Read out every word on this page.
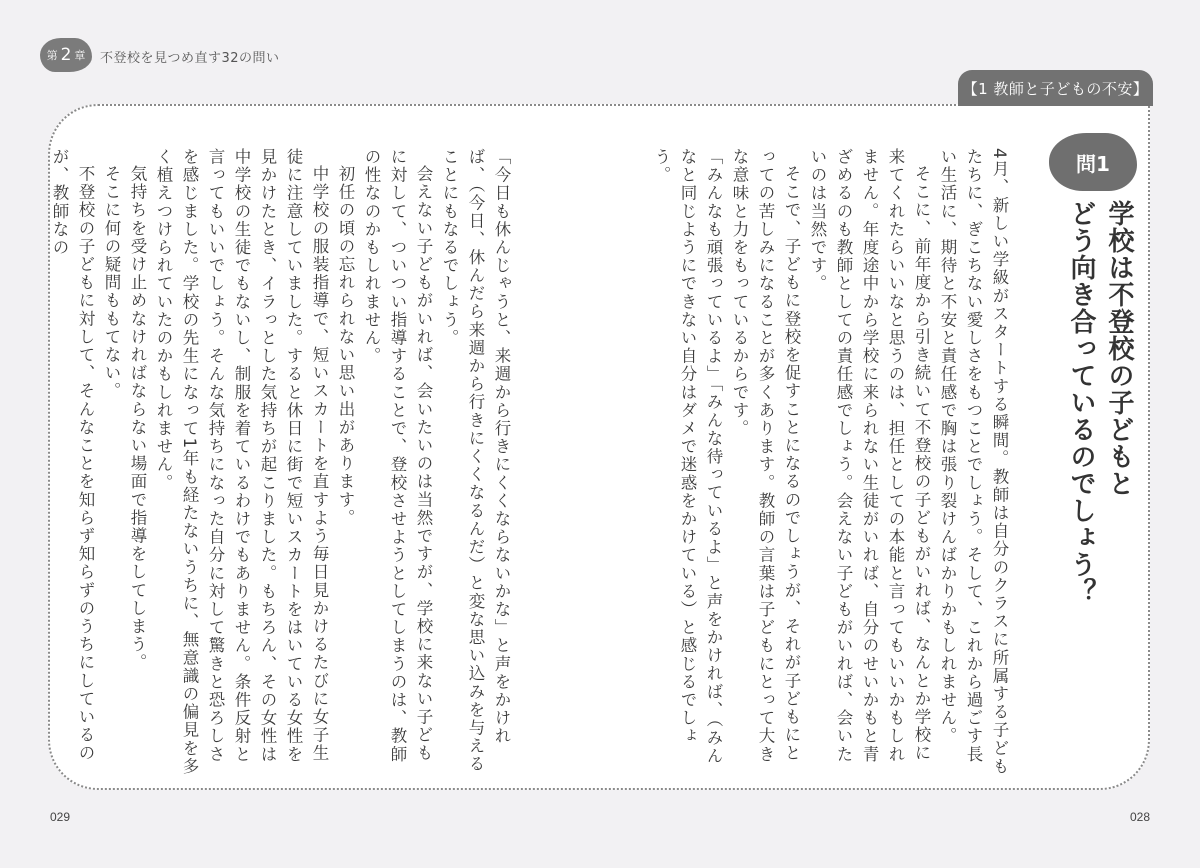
第 2 章 不登校を見つめ直す32の問い
【1 教師と子どもの不安】
問1
学校は不登校の子どもと
どう向き合っているのでしょう？

4月、新しい学級がスタートする瞬間。教師は自分のクラスに所属する子どもたちに、ぎこちない愛しさをもつことでしょう。そして、これから過ごす長い生活に、期待と不安と責任感で胸は張り裂けんばかりかもしれません。

そこに、前年度から引き続いて不登校の子どもがいれば、なんとか学校に来てくれたらいいなと思うのは、担任としての本能と言ってもいいかもしれません。年度途中から学校に来られない生徒がいれば、自分のせいかもと青ざめるのも教師としての責任感でしょう。会えない子どもがいれば、会いたいのは当然です。

そこで、子どもに登校を促すことになるのでしょうが、それが子どもにとっての苦しみになることが多くあります。教師の言葉は子どもにとって大きな意味と力をもっているからです。

「みんなも頑張っているよ」「みんな待っているよ」と声をかければ、（みんなと同じようにできない自分はダメで迷惑をかけている）と感じるでしょう。

「今日も休んじゃうと、来週から行きにくくならないかな」と声をかければ、（今日、休んだら来週から行きにくくなるんだ）と変な思い込みを与えることにもなるでしょう。

会えない子どもがいれば、会いたいのは当然ですが、学校に来ない子どもに対して、ついつい指導することで、登校させようとしてしまうのは、教師の性なのかもしれません。

初任の頃の忘れられない思い出があります。

中学校の服装指導で、短いスカートを直すよう毎日見かけるたびに女子生徒に注意していました。すると休日に街で短いスカートをはいている女性を見かけたとき、イラっとした気持ちが起こりました。もちろん、その女性は中学校の生徒でもないし、制服を着ているわけでもありません。条件反射と言ってもいいでしょう。そんな気持ちになった自分に対して驚きと恐ろしさを感じました。学校の先生になって1年も経たないうちに、無意識の偏見を多く植えつけられていたのかもしれません。

気持ちを受け止めなければならない場面で指導をしてしまう。

そこに何の疑問ももてない。

不登校の子どもに対して、そんなことを知らず知らずのうちにしているのが、教師なの

029	028
